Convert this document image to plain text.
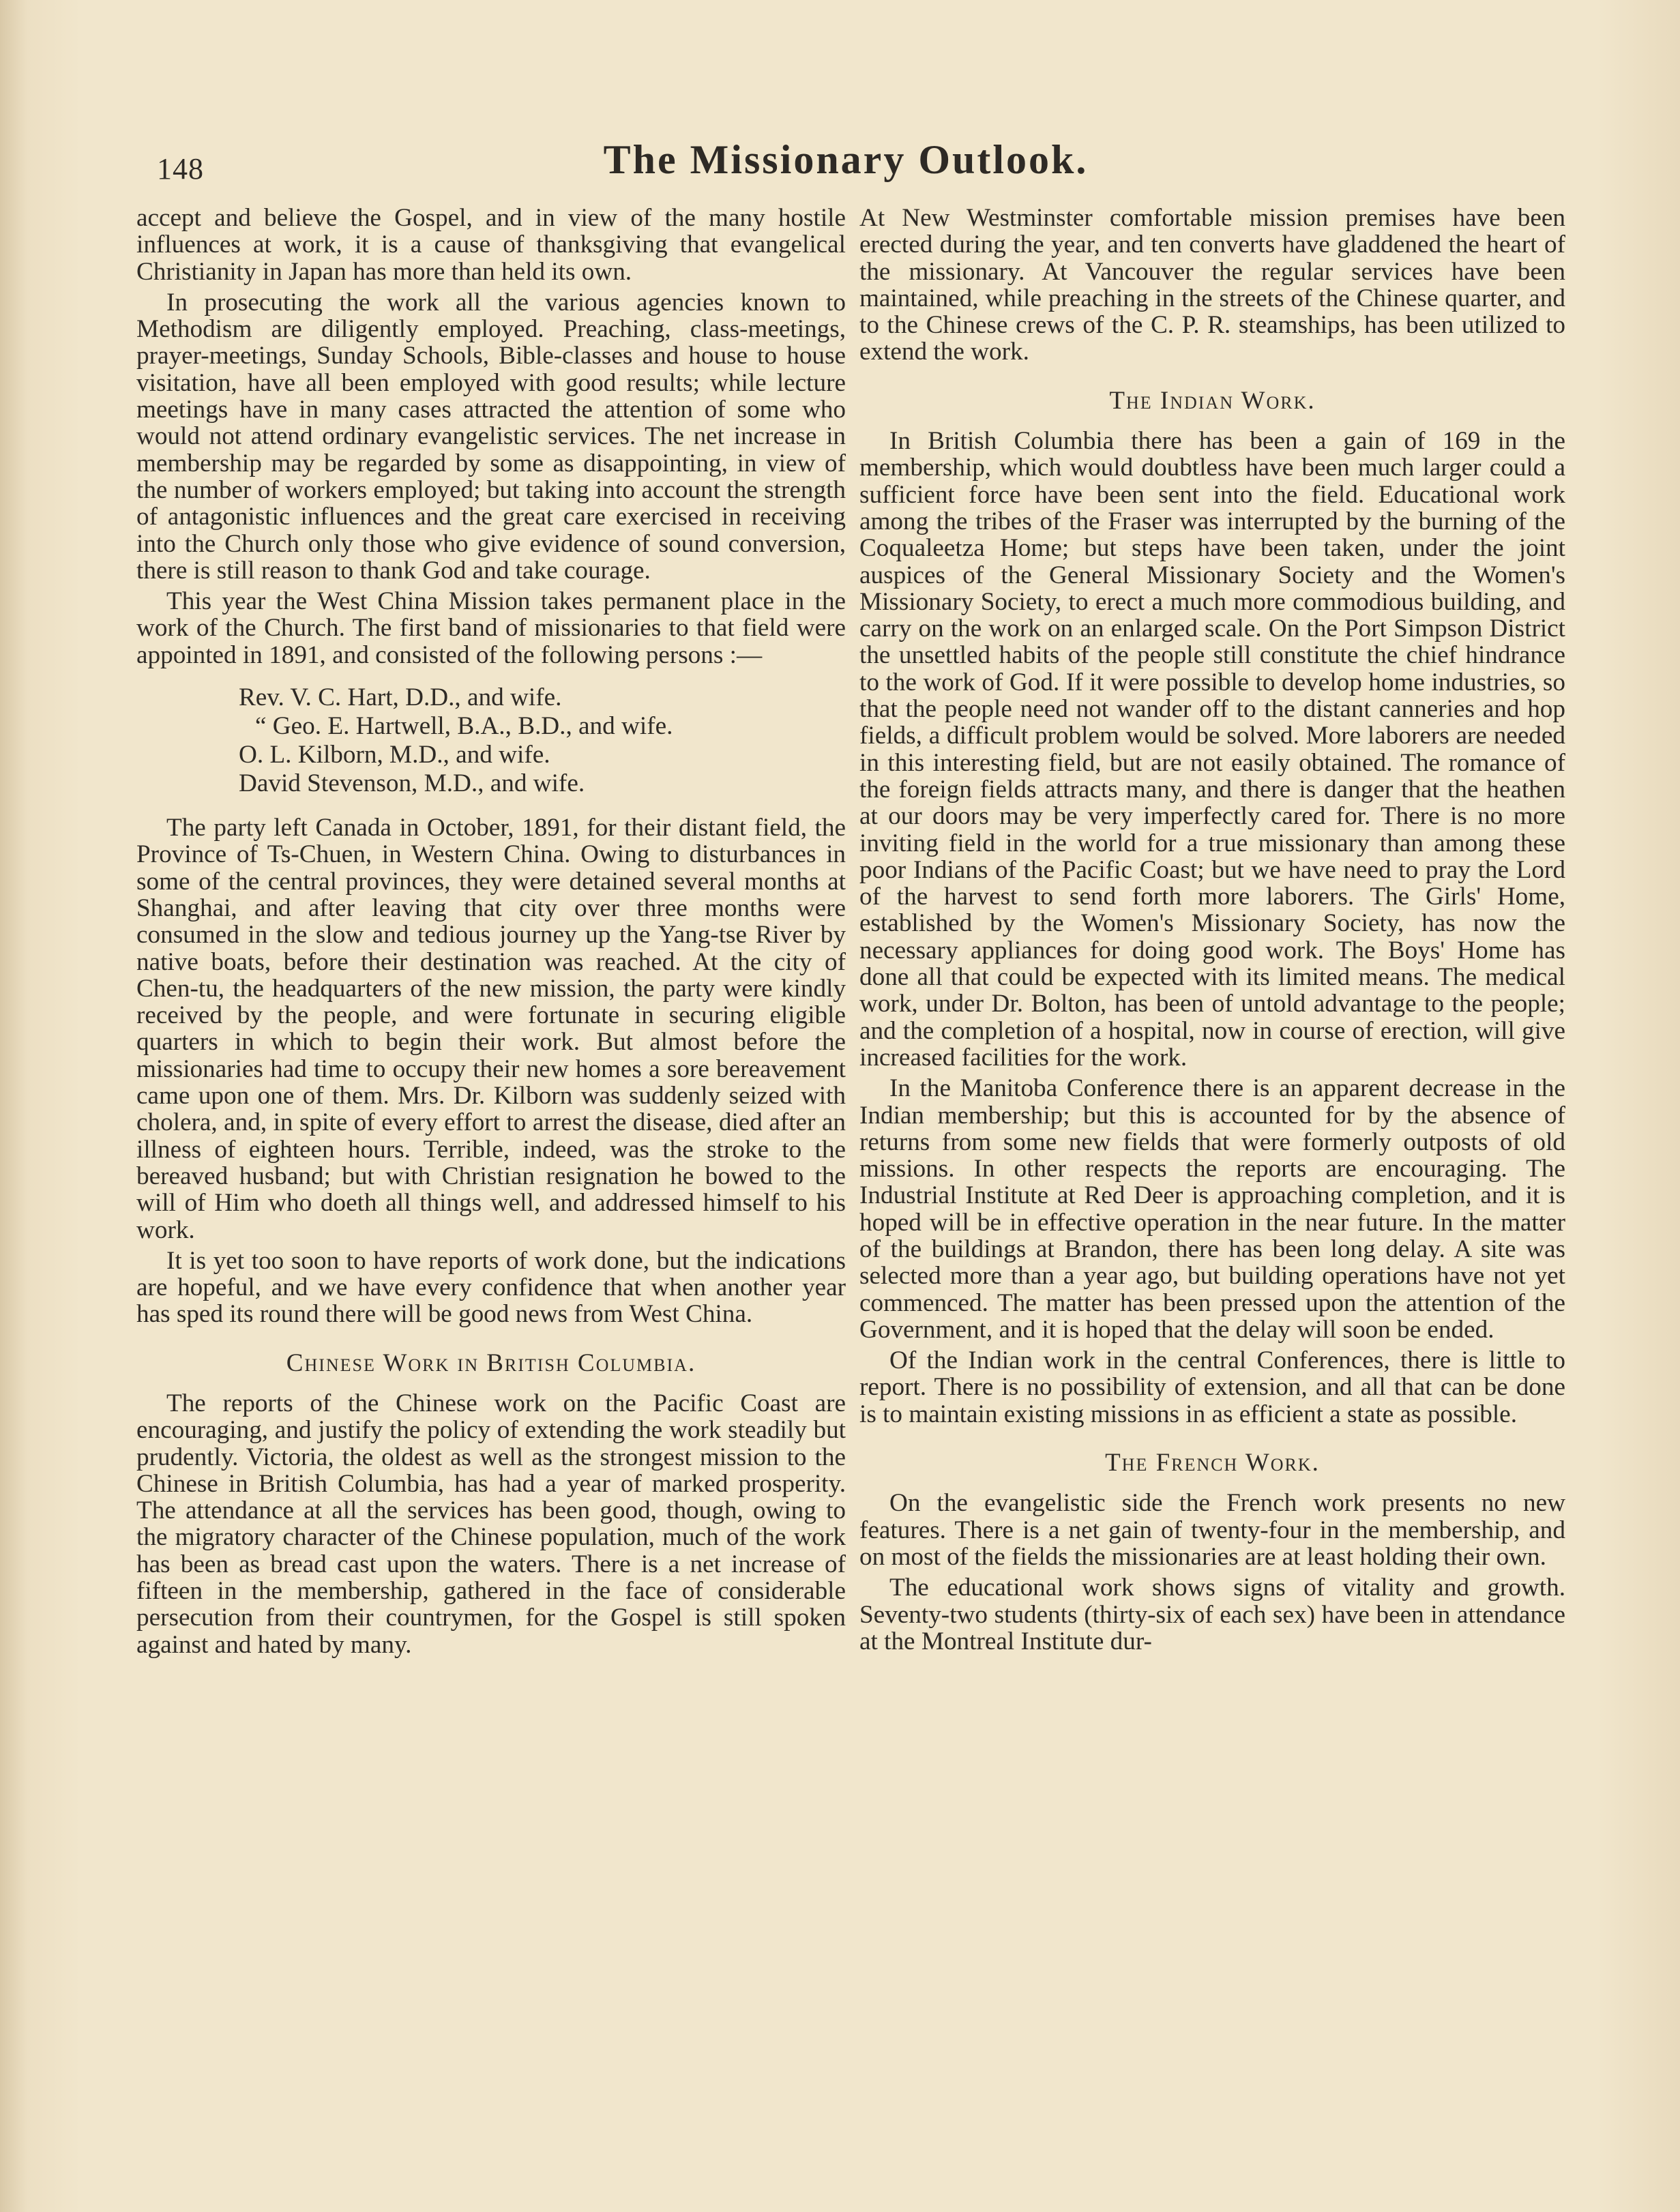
148	The Missionary Outlook.

accept and believe the Gospel, and in view of the many hostile influences at work, it is a cause of thanksgiving that evangelical Christianity in Japan has more than held its own.

In prosecuting the work all the various agencies known to Methodism are diligently employed. Preaching, class-meetings, prayer-meetings, Sunday Schools, Bible-classes and house to house visitation, have all been employed with good results; while lecture meetings have in many cases attracted the attention of some who would not attend ordinary evangelistic services. The net increase in membership may be regarded by some as disappointing, in view of the number of workers employed; but taking into account the strength of antagonistic influences and the great care exercised in receiving into the Church only those who give evidence of sound conversion, there is still reason to thank God and take courage.

This year the West China Mission takes permanent place in the work of the Church. The first band of missionaries to that field were appointed in 1891, and consisted of the following persons :—

Rev. V. C. Hart, D.D., and wife.
“ Geo. E. Hartwell, B.A., B.D., and wife.
O. L. Kilborn, M.D., and wife.
David Stevenson, M.D., and wife.

The party left Canada in October, 1891, for their distant field, the Province of Ts-Chuen, in Western China. Owing to disturbances in some of the central provinces, they were detained several months at Shanghai, and after leaving that city over three months were consumed in the slow and tedious journey up the Yang-tse River by native boats, before their destination was reached. At the city of Chen-tu, the headquarters of the new mission, the party were kindly received by the people, and were fortunate in securing eligible quarters in which to begin their work. But almost before the missionaries had time to occupy their new homes a sore bereavement came upon one of them. Mrs. Dr. Kilborn was suddenly seized with cholera, and, in spite of every effort to arrest the disease, died after an illness of eighteen hours. Terrible, indeed, was the stroke to the bereaved husband; but with Christian resignation he bowed to the will of Him who doeth all things well, and addressed himself to his work.

It is yet too soon to have reports of work done, but the indications are hopeful, and we have every confidence that when another year has sped its round there will be good news from West China.

Chinese Work in British Columbia.

The reports of the Chinese work on the Pacific Coast are encouraging, and justify the policy of extending the work steadily but prudently. Victoria, the oldest as well as the strongest mission to the Chinese in British Columbia, has had a year of marked prosperity. The attendance at all the services has been good, though, owing to the migratory character of the Chinese population, much of the work has been as bread cast upon the waters. There is a net increase of fifteen in the membership, gathered in the face of considerable persecution from their countrymen, for the Gospel is still spoken against and hated by many.

At New Westminster comfortable mission premises have been erected during the year, and ten converts have gladdened the heart of the missionary. At Vancouver the regular services have been maintained, while preaching in the streets of the Chinese quarter, and to the Chinese crews of the C. P. R. steamships, has been utilized to extend the work.

The Indian Work.

In British Columbia there has been a gain of 169 in the membership, which would doubtless have been much larger could a sufficient force have been sent into the field. Educational work among the tribes of the Fraser was interrupted by the burning of the Coqualeetza Home; but steps have been taken, under the joint auspices of the General Missionary Society and the Women's Missionary Society, to erect a much more commodious building, and carry on the work on an enlarged scale. On the Port Simpson District the unsettled habits of the people still constitute the chief hindrance to the work of God. If it were possible to develop home industries, so that the people need not wander off to the distant canneries and hop fields, a difficult problem would be solved. More laborers are needed in this interesting field, but are not easily obtained. The romance of the foreign fields attracts many, and there is danger that the heathen at our doors may be very imperfectly cared for. There is no more inviting field in the world for a true missionary than among these poor Indians of the Pacific Coast; but we have need to pray the Lord of the harvest to send forth more laborers. The Girls' Home, established by the Women's Missionary Society, has now the necessary appliances for doing good work. The Boys' Home has done all that could be expected with its limited means. The medical work, under Dr. Bolton, has been of untold advantage to the people; and the completion of a hospital, now in course of erection, will give increased facilities for the work.

In the Manitoba Conference there is an apparent decrease in the Indian membership; but this is accounted for by the absence of returns from some new fields that were formerly outposts of old missions. In other respects the reports are encouraging. The Industrial Institute at Red Deer is approaching completion, and it is hoped will be in effective operation in the near future. In the matter of the buildings at Brandon, there has been long delay. A site was selected more than a year ago, but building operations have not yet commenced. The matter has been pressed upon the attention of the Government, and it is hoped that the delay will soon be ended.

Of the Indian work in the central Conferences, there is little to report. There is no possibility of extension, and all that can be done is to maintain existing missions in as efficient a state as possible.

The French Work.

On the evangelistic side the French work presents no new features. There is a net gain of twenty-four in the membership, and on most of the fields the missionaries are at least holding their own.

The educational work shows signs of vitality and growth. Seventy-two students (thirty-six of each sex) have been in attendance at the Montreal Institute dur-
